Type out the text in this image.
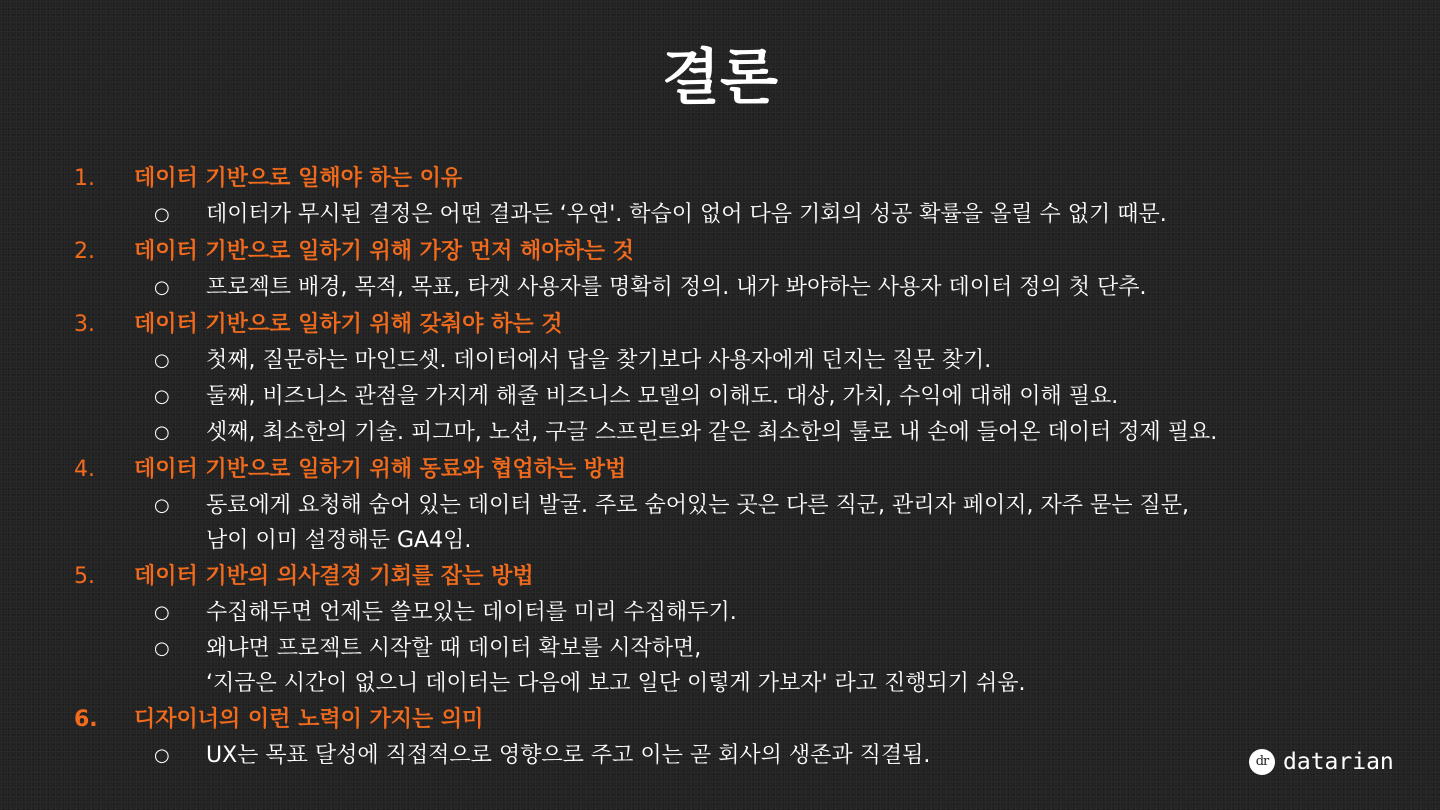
결론
1. 데이터 기반으로 일해야 하는 이유
○ 데이터가 무시된 결정은 어떤 결과든 ‘우연'. 학습이 없어 다음 기회의 성공 확률을 올릴 수 없기 때문.
2. 데이터 기반으로 일하기 위해 가장 먼저 해야하는 것
○ 프로젝트 배경, 목적, 목표, 타겟 사용자를 명확히 정의. 내가 봐야하는 사용자 데이터 정의 첫 단추.
3. 데이터 기반으로 일하기 위해 갖춰야 하는 것
○ 첫째, 질문하는 마인드셋. 데이터에서 답을 찾기보다 사용자에게 던지는 질문 찾기.
○ 둘째, 비즈니스 관점을 가지게 해줄 비즈니스 모델의 이해도. 대상, 가치, 수익에 대해 이해 필요.
○ 셋째, 최소한의 기술. 피그마, 노션, 구글 스프린트와 같은 최소한의 툴로 내 손에 들어온 데이터 정제 필요.
4. 데이터 기반으로 일하기 위해 동료와 협업하는 방법
○ 동료에게 요청해 숨어 있는 데이터 발굴. 주로 숨어있는 곳은 다른 직군, 관리자 페이지, 자주 묻는 질문,
남이 이미 설정해둔 GA4임.
5. 데이터 기반의 의사결정 기회를 잡는 방법
○ 수집해두면 언제든 쓸모있는 데이터를 미리 수집해두기.
○ 왜냐면 프로젝트 시작할 때 데이터 확보를 시작하면,
‘지금은 시간이 없으니 데이터는 다음에 보고 일단 이렇게 가보자' 라고 진행되기 쉬움.
6. 디자이너의 이런 노력이 가지는 의미
○ UX는 목표 달성에 직접적으로 영향으로 주고 이는 곧 회사의 생존과 직결됨.	dr datarian
